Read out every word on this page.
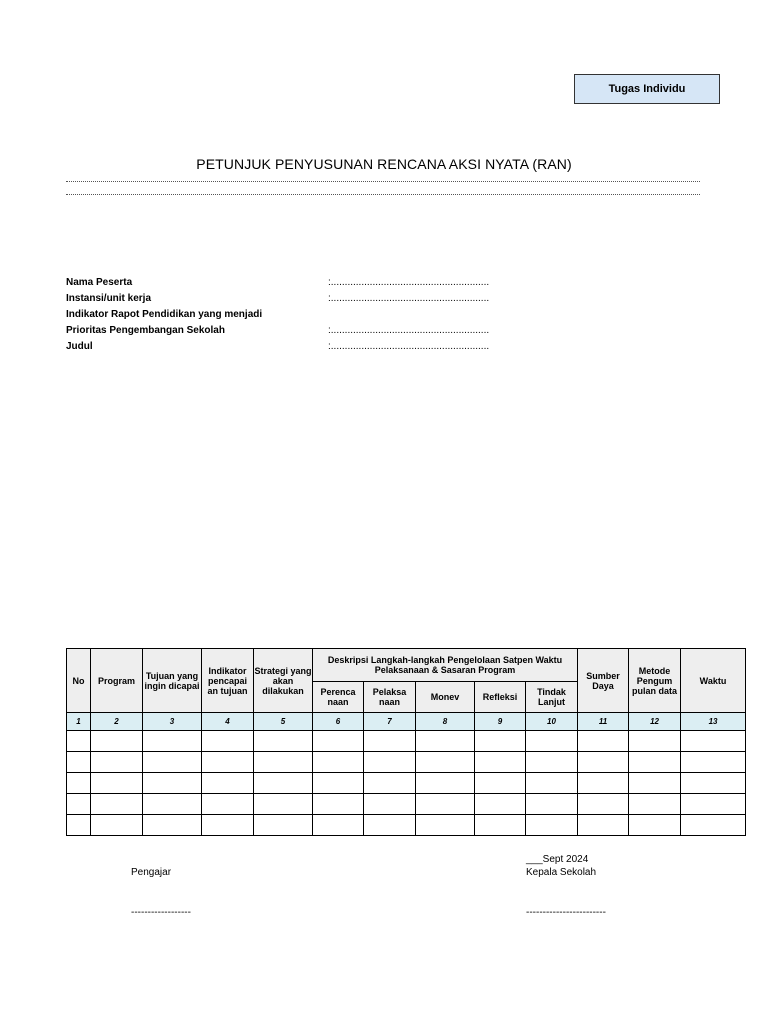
Tugas Individu
PETUNJUK PENYUSUNAN RENCANA AKSI NYATA (RAN)
Nama Peserta	:.........................................................
Instansi/unit kerja	:.........................................................
Indikator Rapot Pendidikan yang menjadi
Prioritas Pengembangan Sekolah	:.........................................................
Judul	:.........................................................
No	Program	Tujuan yang ingin dicapai	Indikator pencapai an tujuan	Strategi yang akan dilakukan	Deskripsi Langkah-langkah Pengelolaan Satpen Waktu Pelaksanaan & Sasaran Program					Sumber Daya	Metode Pengum pulan data	Waktu
					Perenca naan	Pelaksa naan	Monev	Refleksi	Tindak Lanjut			
1	2	3	4	5	6	7	8	9	10	11	12	13

___Sept 2024
Pengajar	Kepala Sekolah
------------------	------------------------
